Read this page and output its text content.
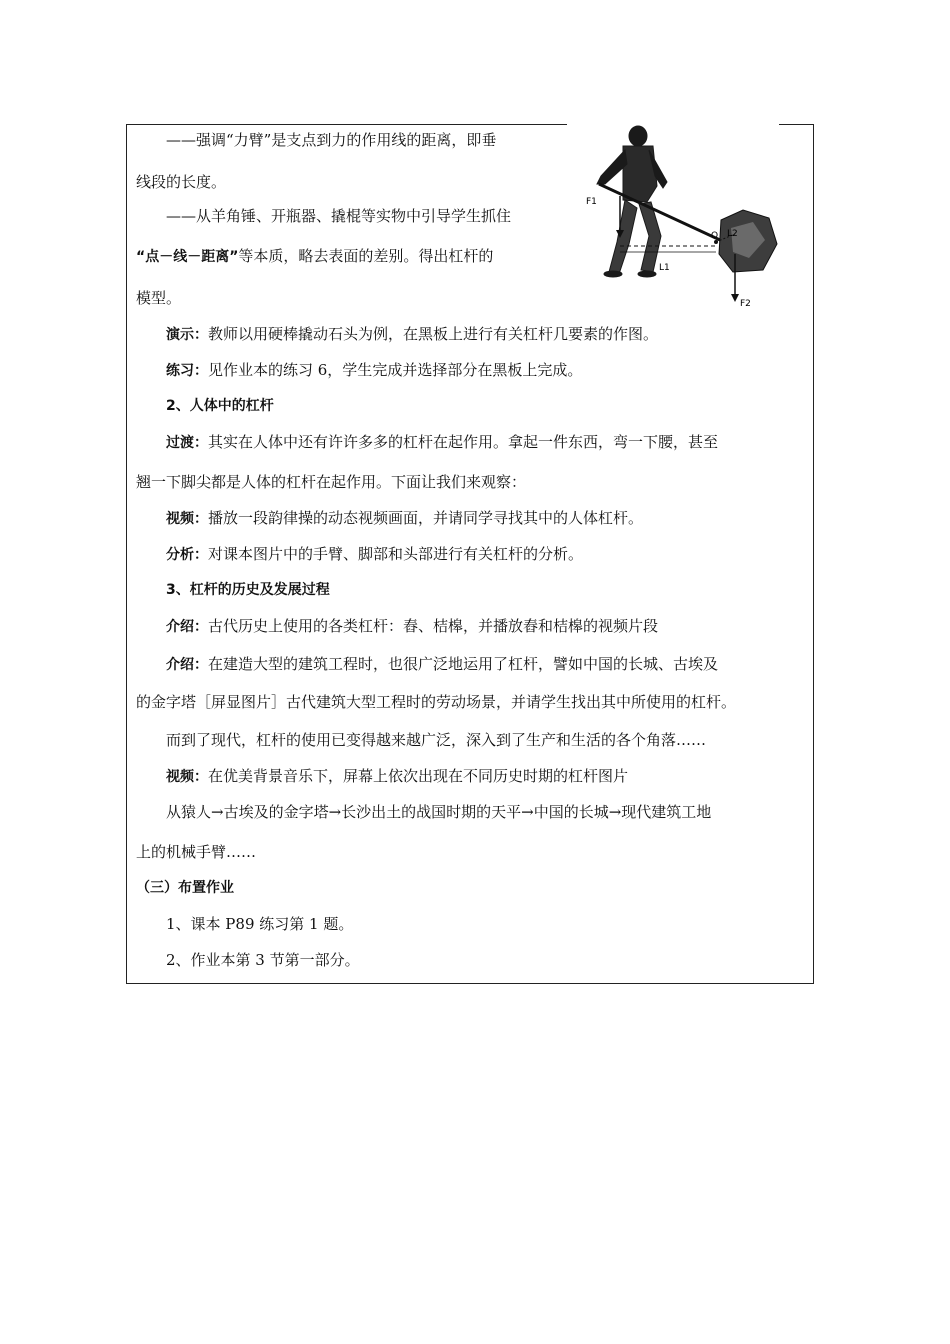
F1
F2
O
L1
L2
——强调“力臂”是支点到力的作用线的距离，即垂
线段的长度。
——从羊角锤、开瓶器、撬棍等实物中引导学生抓住
“点－线－距离”等本质，略去表面的差别。得出杠杆的
模型。
演示：教师以用硬棒撬动石头为例，在黑板上进行有关杠杆几要素的作图。
练习：见作业本的练习 6，学生完成并选择部分在黑板上完成。
2、人体中的杠杆
过渡：其实在人体中还有许许多多的杠杆在起作用。拿起一件东西，弯一下腰，甚至
翘一下脚尖都是人体的杠杆在起作用。下面让我们来观察：
视频：播放一段韵律操的动态视频画面，并请同学寻找其中的人体杠杆。
分析：对课本图片中的手臂、脚部和头部进行有关杠杆的分析。
3、杠杆的历史及发展过程
介绍：古代历史上使用的各类杠杆：舂、桔槔，并播放舂和桔槔的视频片段
介绍：在建造大型的建筑工程时，也很广泛地运用了杠杆，譬如中国的长城、古埃及
的金字塔［屏显图片］古代建筑大型工程时的劳动场景，并请学生找出其中所使用的杠杆。
而到了现代，杠杆的使用已变得越来越广泛，深入到了生产和生活的各个角落……
视频：在优美背景音乐下，屏幕上依次出现在不同历史时期的杠杆图片
从猿人→古埃及的金字塔→长沙出土的战国时期的天平→中国的长城→现代建筑工地
上的机械手臂……
（三）布置作业
1、课本 P89 练习第 1 题。
2、作业本第 3 节第一部分。
